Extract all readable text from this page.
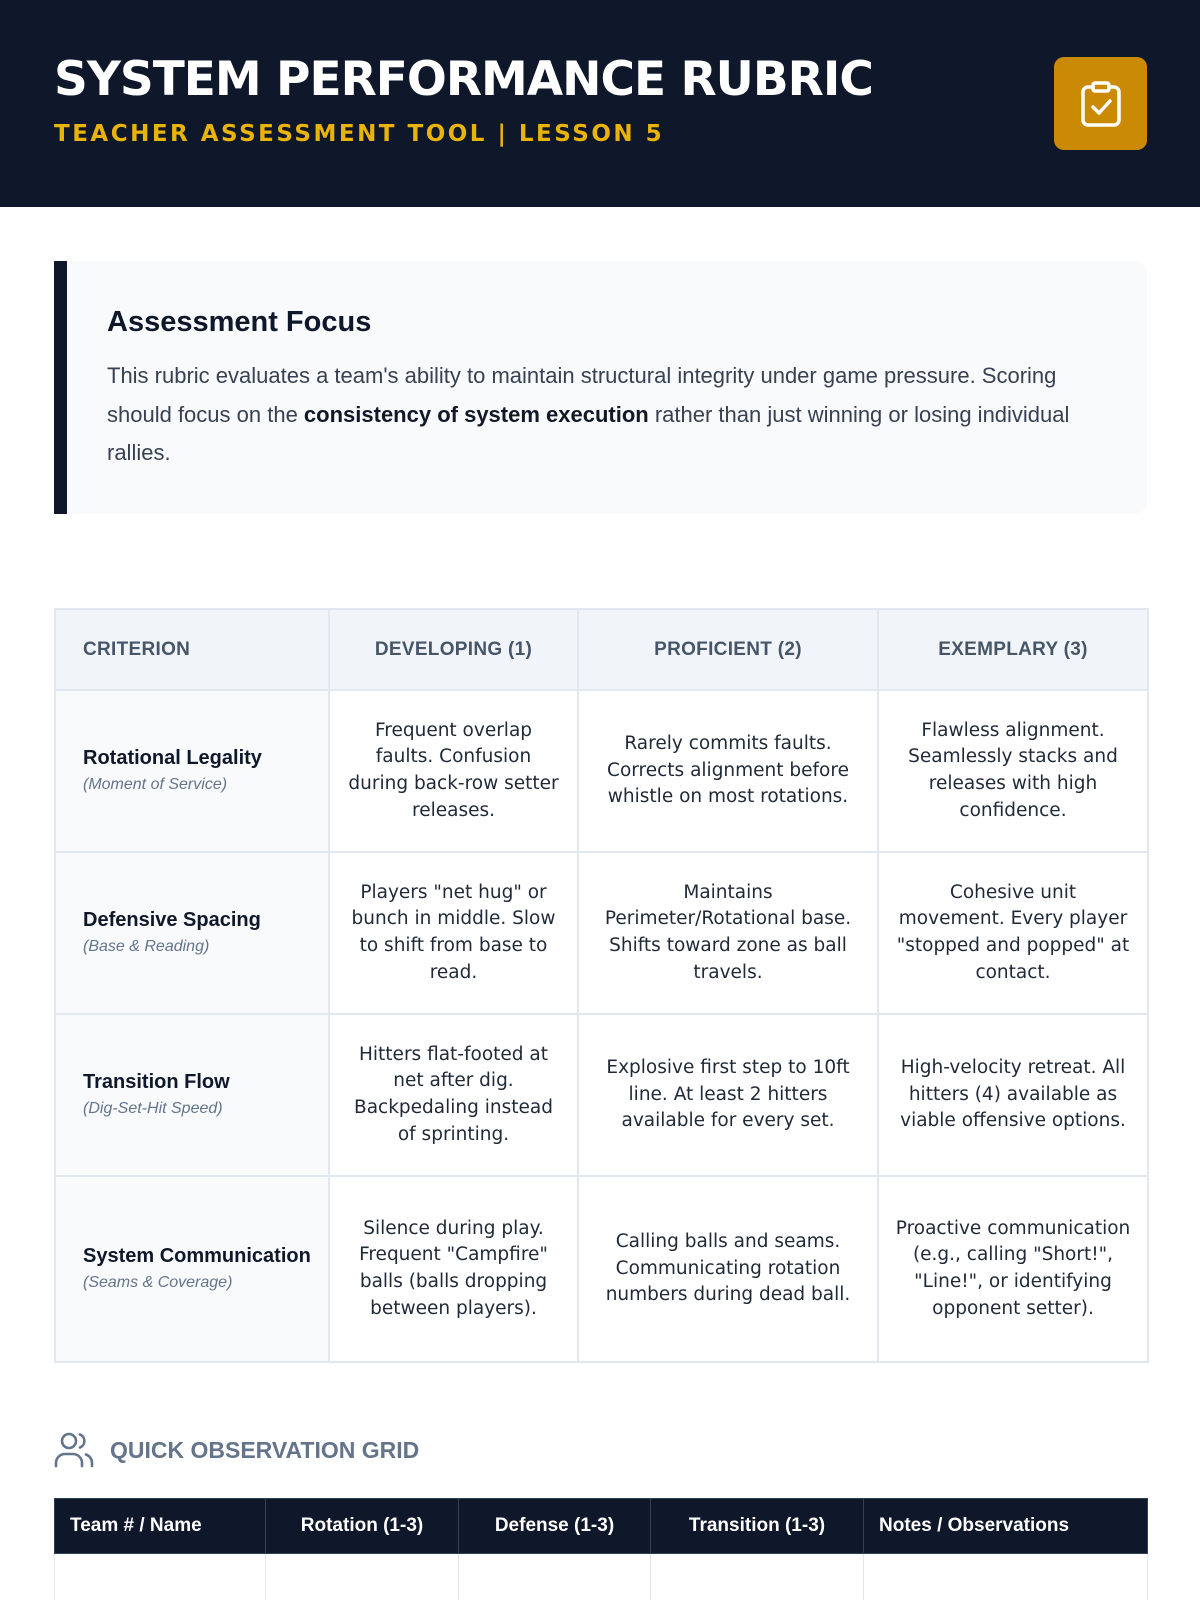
SYSTEM PERFORMANCE RUBRIC
TEACHER ASSESSMENT TOOL | LESSON 5
Assessment Focus

This rubric evaluates a team's ability to maintain structural integrity under game pressure. Scoring should focus on the consistency of system execution rather than just winning or losing individual rallies.

CRITERION	DEVELOPING (1)	PROFICIENT (2)	EXEMPLARY (3)

Rotational Legality
(Moment of Service)	Frequent overlap faults. Confusion during back-row setter releases.	Rarely commits faults. Corrects alignment before whistle on most rotations.	Flawless alignment. Seamlessly stacks and releases with high confidence.

Defensive Spacing
(Base & Reading)	Players "net hug" or bunch in middle. Slow to shift from base to read.	Maintains Perimeter/Rotational base. Shifts toward zone as ball travels.	Cohesive unit movement. Every player "stopped and popped" at contact.

Transition Flow
(Dig-Set-Hit Speed)	Hitters flat-footed at net after dig. Backpedaling instead of sprinting.	Explosive first step to 10ft line. At least 2 hitters available for every set.	High-velocity retreat. All hitters (4) available as viable offensive options.

System Communication
(Seams & Coverage)	Silence during play. Frequent "Campfire" balls (balls dropping between players).	Calling balls and seams. Communicating rotation numbers during dead ball.	Proactive communication (e.g., calling "Short!", "Line!", or identifying opponent setter).
QUICK OBSERVATION GRID
Team # / Name	Rotation (1-3)	Defense (1-3)	Transition (1-3)	Notes / Observations
